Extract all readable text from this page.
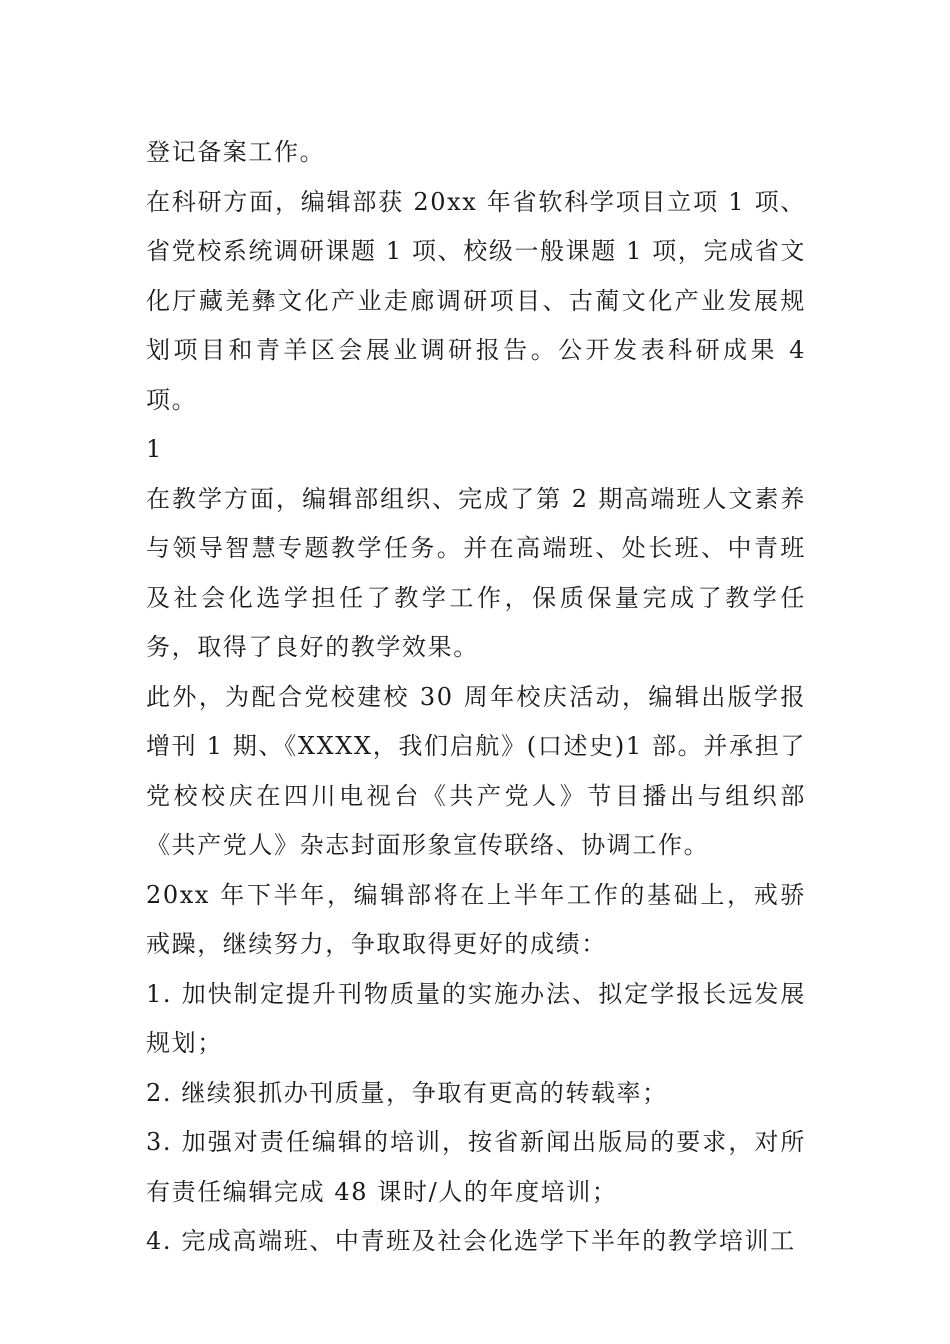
登记备案工作。

在科研方面，编辑部获 20xx 年省软科学项目立项 1 项、省党校系统调研课题 1 项、校级一般课题 1 项，完成省文化厅藏羌彝文化产业走廊调研项目、古蔺文化产业发展规划项目和青羊区会展业调研报告。公开发表科研成果 4 项。

1

在教学方面，编辑部组织、完成了第 2 期高端班人文素养与领导智慧专题教学任务。并在高端班、处长班、中青班及社会化选学担任了教学工作，保质保量完成了教学任务，取得了良好的教学效果。

此外，为配合党校建校 30 周年校庆活动，编辑出版学报增刊 1 期、《XXXX，我们启航》(口述史)1 部。并承担了党校校庆在四川电视台《共产党人》节目播出与组织部《共产党人》杂志封面形象宣传联络、协调工作。

20xx 年下半年，编辑部将在上半年工作的基础上，戒骄戒躁，继续努力，争取取得更好的成绩：

1. 加快制定提升刊物质量的实施办法、拟定学报长远发展规划；

2. 继续狠抓办刊质量，争取有更高的转载率；

3. 加强对责任编辑的培训，按省新闻出版局的要求，对所有责任编辑完成 48 课时/人的年度培训；

4. 完成高端班、中青班及社会化选学下半年的教学培训工
